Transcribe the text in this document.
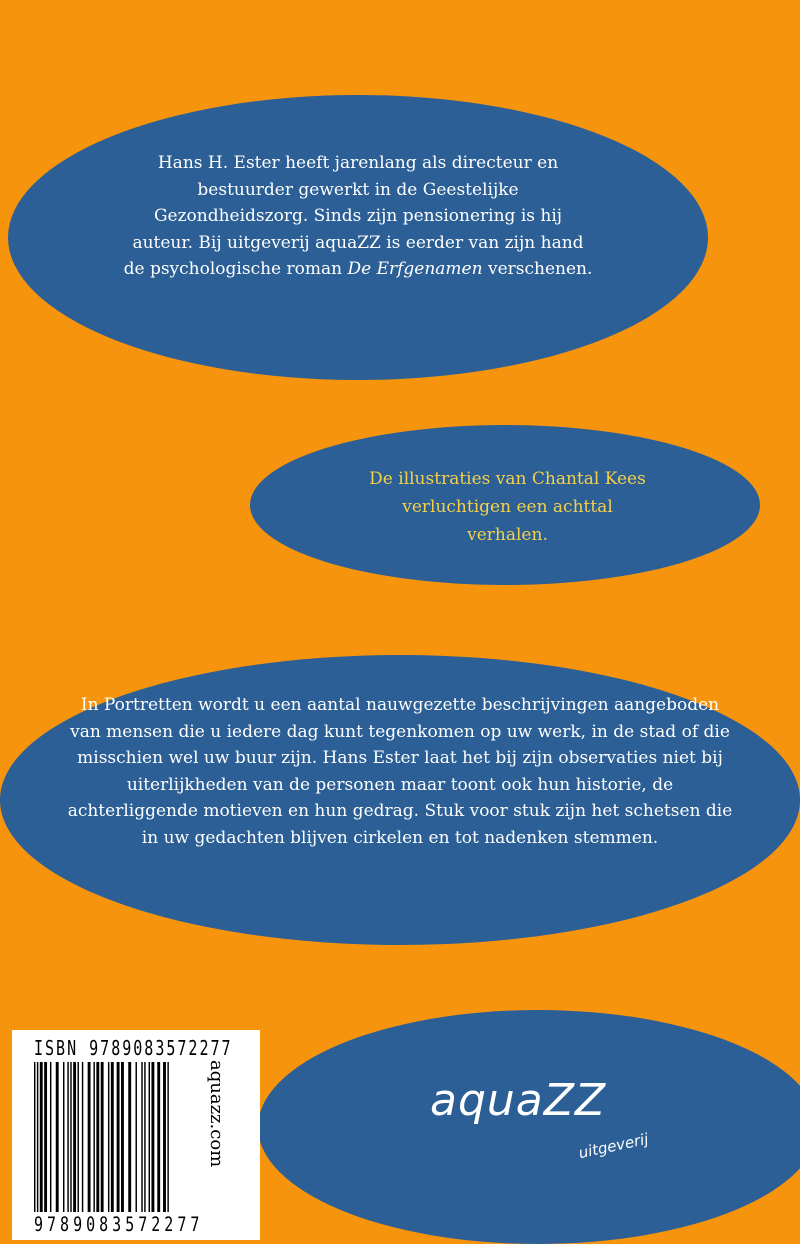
Hans H. Ester heeft jarenlang als directeur en
bestuurder gewerkt in de Geestelijke
Gezondheidszorg. Sinds zijn pensionering is hij
auteur. Bij uitgeverij aquaZZ is eerder van zijn hand
de psychologische roman De Erfgenamen verschenen.
De illustraties van Chantal Kees
verluchtigen een achttal
verhalen.
In Portretten wordt u een aantal nauwgezette beschrijvingen aangeboden
van mensen die u iedere dag kunt tegenkomen op uw werk, in de stad of die
misschien wel uw buur zijn. Hans Ester laat het bij zijn observaties niet bij
uiterlijkheden van de personen maar toont ook hun historie, de
achterliggende motieven en hun gedrag. Stuk voor stuk zijn het schetsen die
in uw gedachten blijven cirkelen en tot nadenken stemmen.
ISBN 9789083572277
9789083572277
aquazz.com	aquaZZ
uitgeverij
